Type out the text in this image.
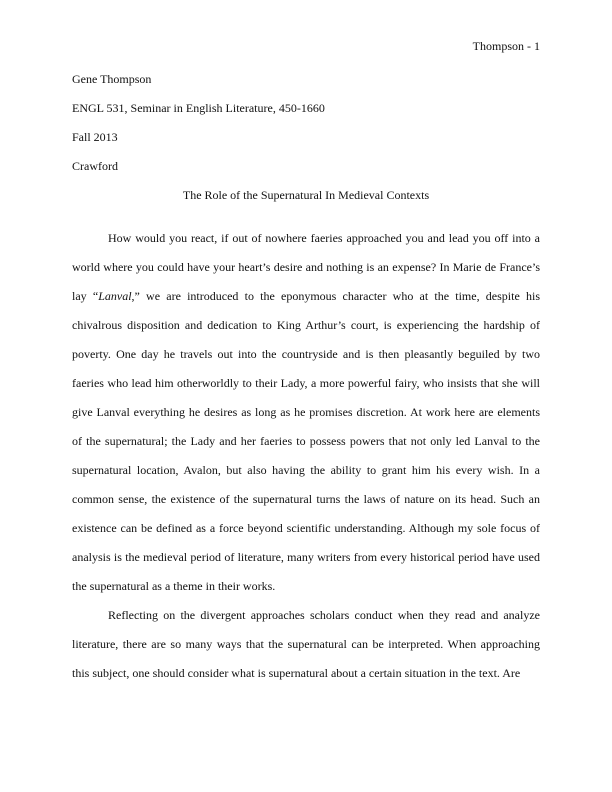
Thompson - 1
Gene Thompson
ENGL 531, Seminar in English Literature, 450-1660
Fall 2013
Crawford
The Role of the Supernatural In Medieval Contexts

How would you react, if out of nowhere faeries approached you and lead you off into a world where you could have your heart’s desire and nothing is an expense? In Marie de France’s lay “Lanval,” we are introduced to the eponymous character who at the time, despite his chivalrous disposition and dedication to King Arthur’s court, is experiencing the hardship of poverty. One day he travels out into the countryside and is then pleasantly beguiled by two faeries who lead him otherworldly to their Lady, a more powerful fairy, who insists that she will give Lanval everything he desires as long as he promises discretion. At work here are elements of the supernatural; the Lady and her faeries to possess powers that not only led Lanval to the supernatural location, Avalon, but also having the ability to grant him his every wish. In a common sense, the existence of the supernatural turns the laws of nature on its head. Such an existence can be defined as a force beyond scientific understanding. Although my sole focus of analysis is the medieval period of literature, many writers from every historical period have used the supernatural as a theme in their works.

Reflecting on the divergent approaches scholars conduct when they read and analyze literature, there are so many ways that the supernatural can be interpreted. When approaching this subject, one should consider what is supernatural about a certain situation in the text. Are
